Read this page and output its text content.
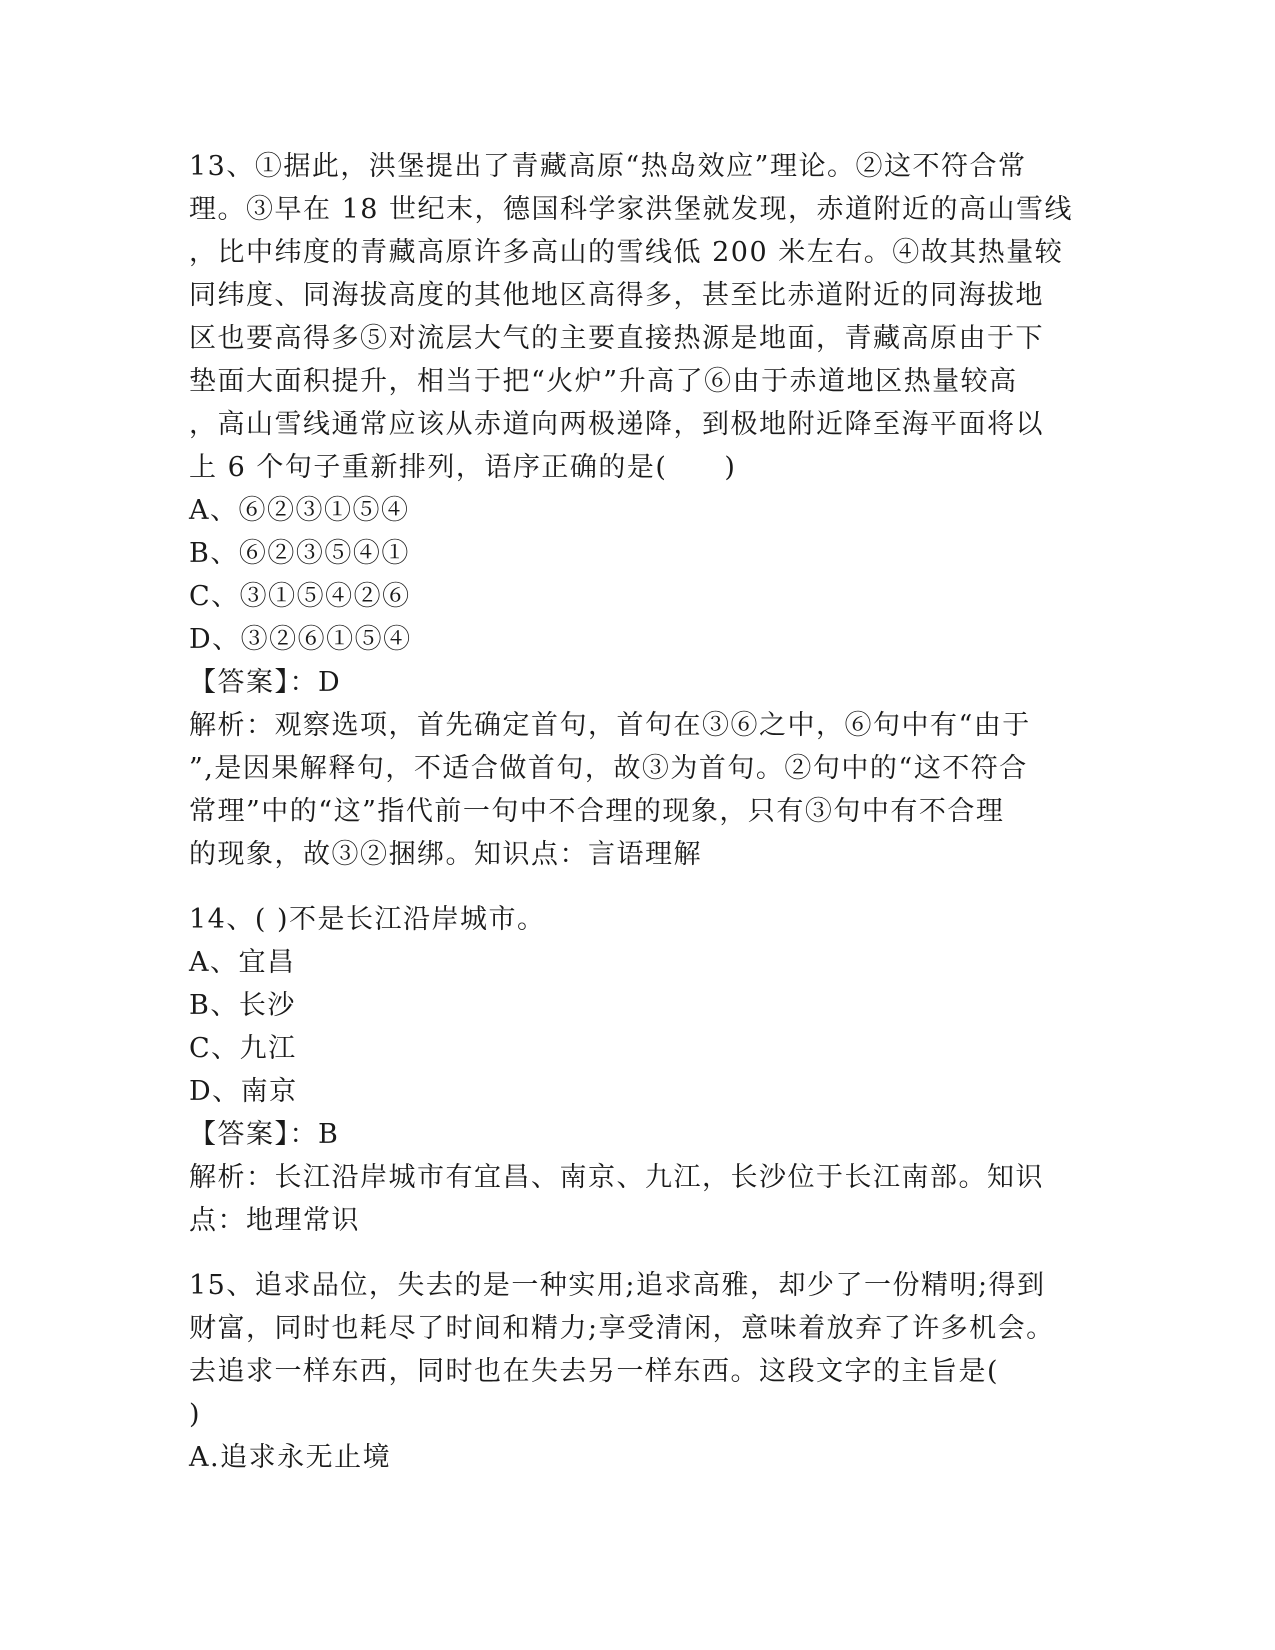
13、①据此，洪堡提出了青藏高原“热岛效应”理论。②这不符合常
理。③早在 18 世纪末，德国科学家洪堡就发现，赤道附近的高山雪线
，比中纬度的青藏高原许多高山的雪线低 200 米左右。④故其热量较
同纬度、同海拔高度的其他地区高得多，甚至比赤道附近的同海拔地
区也要高得多⑤对流层大气的主要直接热源是地面，青藏高原由于下
垫面大面积提升，相当于把“火炉”升高了⑥由于赤道地区热量较高
，高山雪线通常应该从赤道向两极递降，到极地附近降至海平面将以
上 6 个句子重新排列，语序正确的是(　　)
A、⑥②③①⑤④
B、⑥②③⑤④①
C、③①⑤④②⑥
D、③②⑥①⑤④
【答案】：D
解析：观察选项，首先确定首句，首句在③⑥之中，⑥句中有“由于
”,是因果解释句，不适合做首句，故③为首句。②句中的“这不符合
常理”中的“这”指代前一句中不合理的现象，只有③句中有不合理
的现象，故③②捆绑。知识点：言语理解
14、( )不是长江沿岸城市。
A、宜昌
B、长沙
C、九江
D、南京
【答案】：B
解析：长江沿岸城市有宜昌、南京、九江，长沙位于长江南部。知识
点：地理常识
15、追求品位，失去的是一种实用;追求高雅，却少了一份精明;得到
财富，同时也耗尽了时间和精力;享受清闲，意味着放弃了许多机会。
去追求一样东西，同时也在失去另一样东西。这段文字的主旨是(
)
A.追求永无止境
